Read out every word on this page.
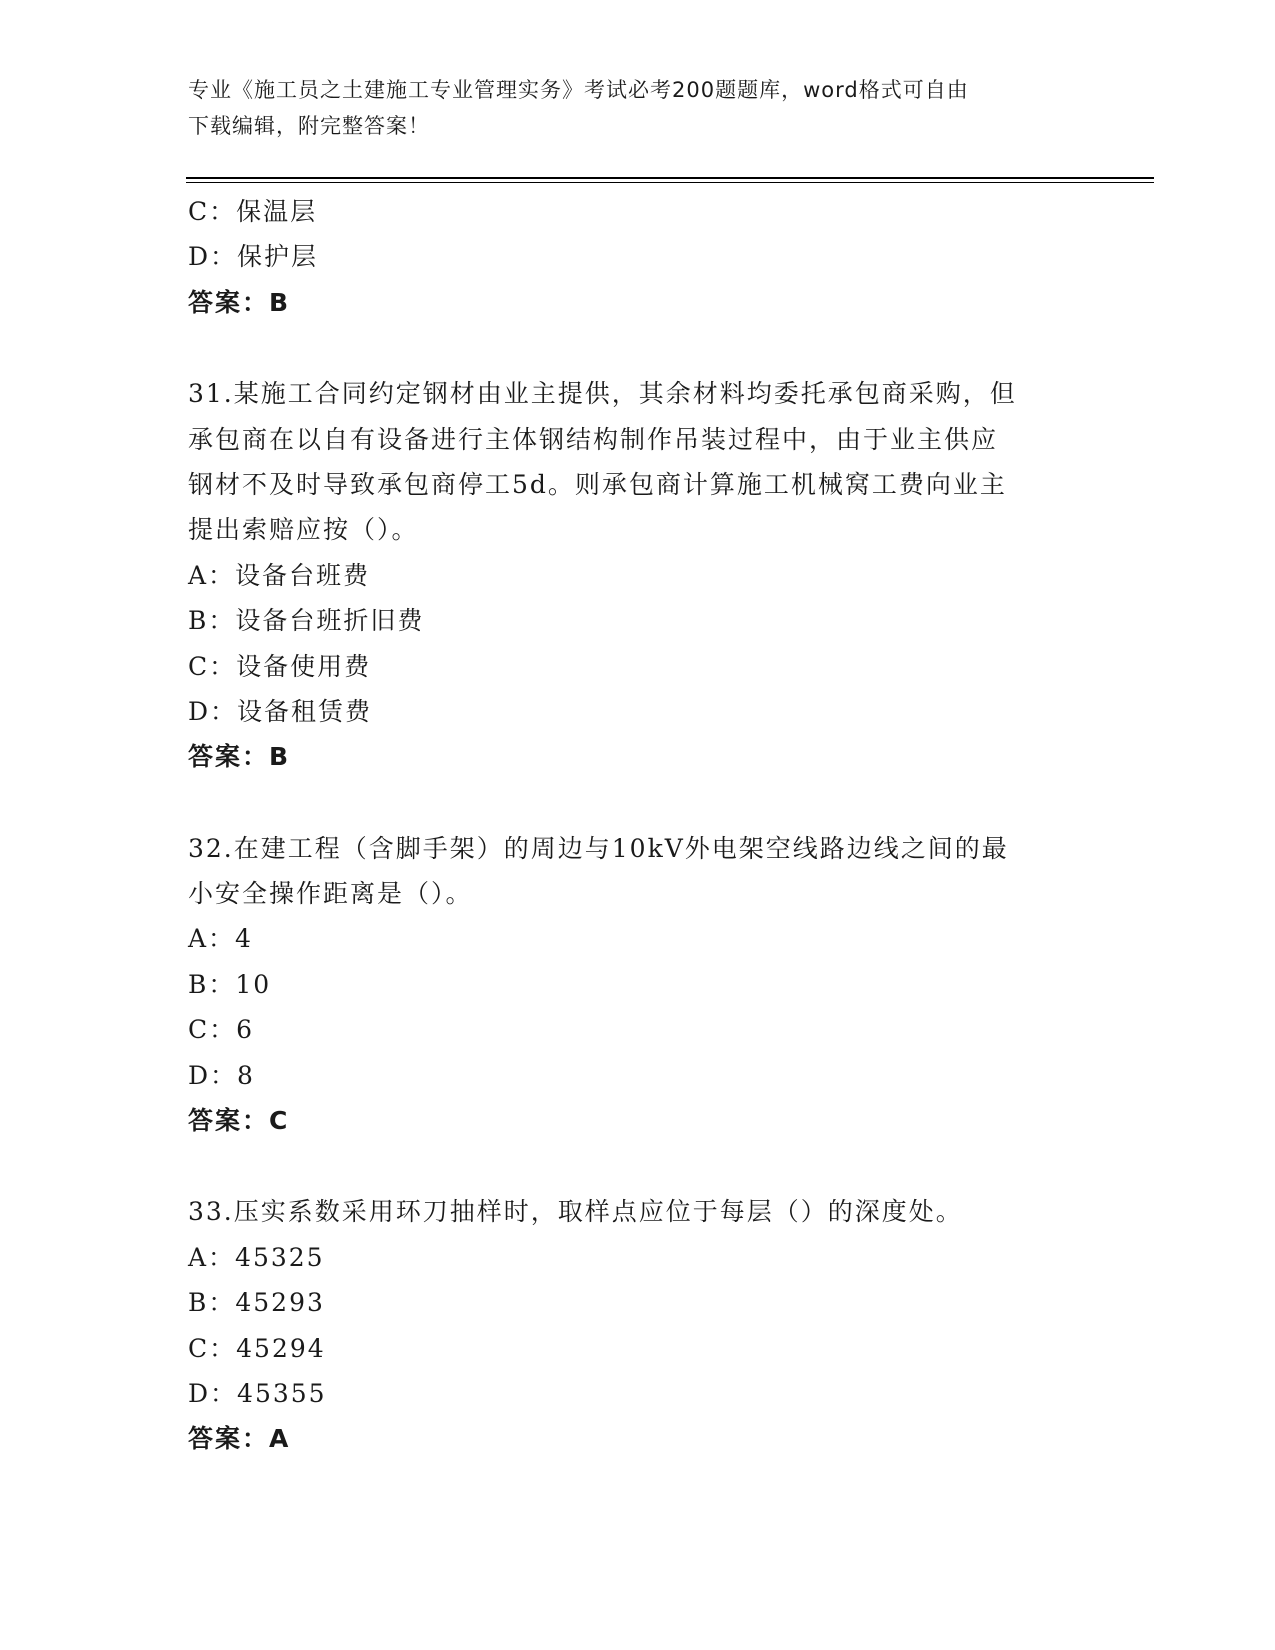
专业《施工员之土建施工专业管理实务》考试必考200题题库，word格式可自由
下载编辑，附完整答案！
C：保温层
D：保护层
答案：B
31.某施工合同约定钢材由业主提供，其余材料均委托承包商采购，但
承包商在以自有设备进行主体钢结构制作吊装过程中，由于业主供应
钢材不及时导致承包商停工5d。则承包商计算施工机械窝工费向业主
提出索赔应按（）。
A：设备台班费
B：设备台班折旧费
C：设备使用费
D：设备租赁费
答案：B
32.在建工程（含脚手架）的周边与10kV外电架空线路边线之间的最
小安全操作距离是（）。
A：4
B：10
C：6
D：8
答案：C
33.压实系数采用环刀抽样时，取样点应位于每层（）的深度处。
A：45325
B：45293
C：45294
D：45355
答案：A
